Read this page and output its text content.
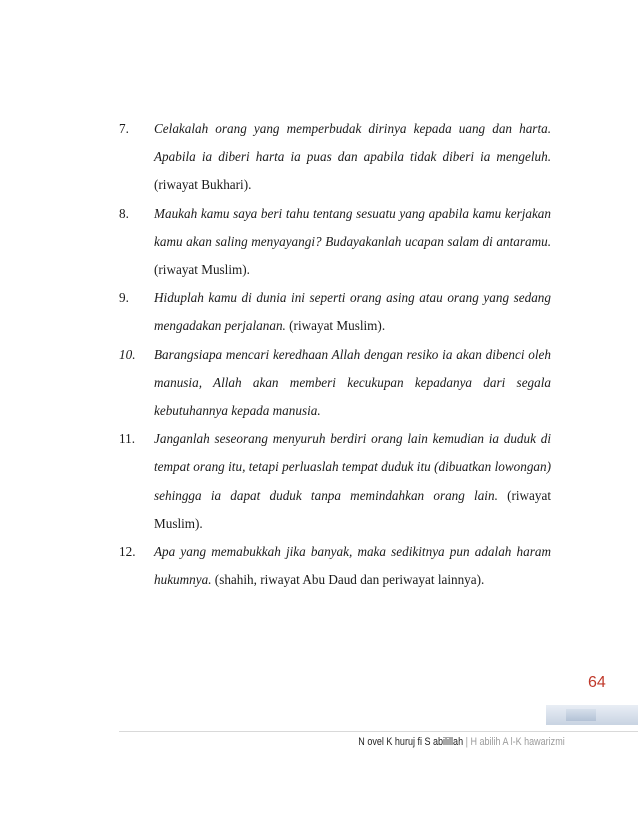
7. Celakalah orang yang memperbudak dirinya kepada uang dan harta. Apabila ia diberi harta ia puas dan apabila tidak diberi ia mengeluh. (riwayat Bukhari).
8. Maukah kamu saya beri tahu tentang sesuatu yang apabila kamu kerjakan kamu akan saling menyayangi? Budayakanlah ucapan salam di antaramu. (riwayat Muslim).
9. Hiduplah kamu di dunia ini seperti orang asing atau orang yang sedang mengadakan perjalanan. (riwayat Muslim).
10. Barangsiapa mencari keredhaan Allah dengan resiko ia akan dibenci oleh manusia, Allah akan memberi kecukupan kepadanya dari segala kebutuhannya kepada manusia.
11. Janganlah seseorang menyuruh berdiri orang lain kemudian ia duduk di tempat orang itu, tetapi perluaslah tempat duduk itu (dibuatkan lowongan) sehingga ia dapat duduk tanpa memindahkan orang lain. (riwayat Muslim).
12. Apa yang memabukkah jika banyak, maka sedikitnya pun adalah haram hukumnya. (shahih, riwayat Abu Daud dan periwayat lainnya).
64
N ovel K huruj fi S abilillah | H abilih A l-K hawarizmi
